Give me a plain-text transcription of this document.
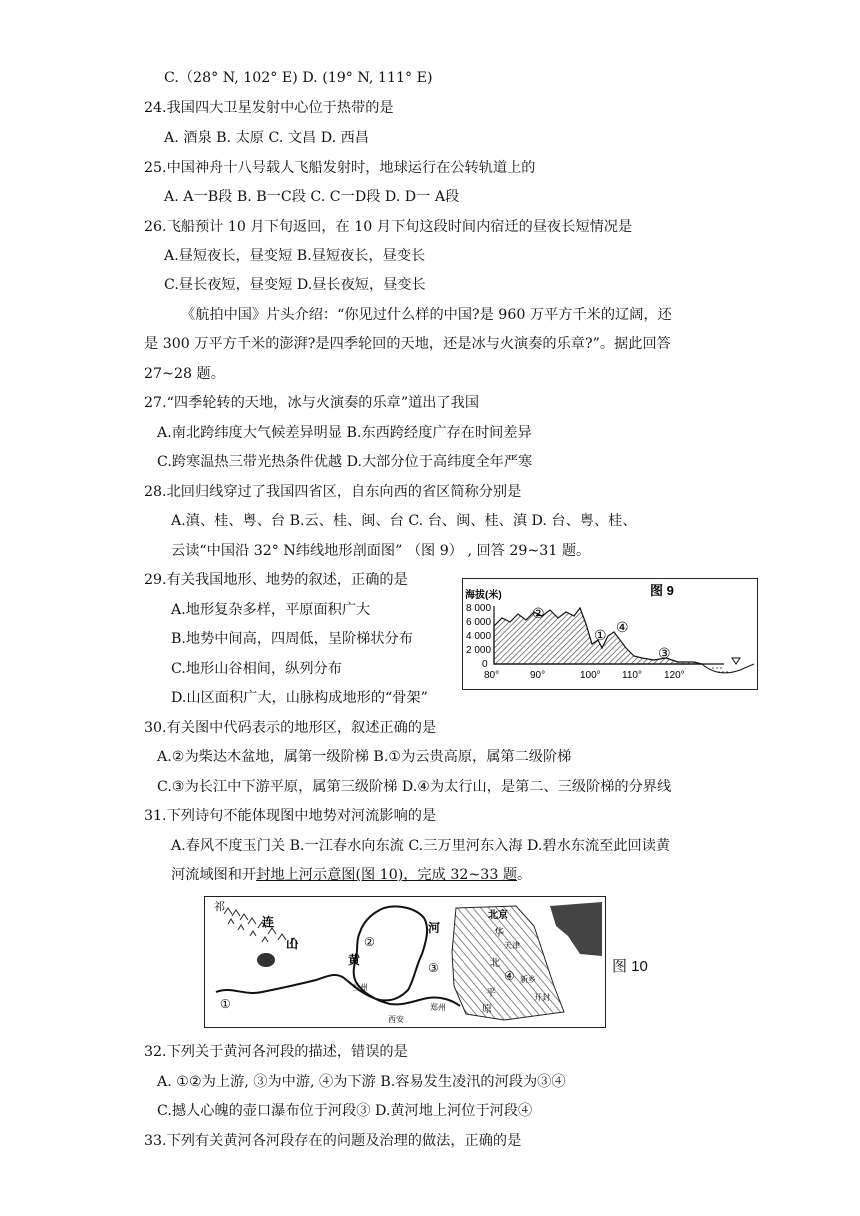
C.（28° N, 102° E) D. (19° N, 111° E)
24.我国四大卫星发射中心位于热带的是
A. 酒泉 B. 太原 C. 文昌 D. 西昌
25.中国神舟十八号载人飞船发射时，地球运行在公转轨道上的
A. A一B段 B. B一C段 C. C一D段 D. D一 A段
26.飞船预计 10 月下旬返回，在 10 月下旬这段时间内宿迁的昼夜长短情况是
A.昼短夜长，昼变短 B.昼短夜长，昼变长
C.昼长夜短，昼变短 D.昼长夜短，昼变长
《航拍中国》片头介绍：“你见过什么样的中国?是 960 万平方千米的辽阔，还
是 300 万平方千米的澎湃?是四季轮回的天地，还是冰与火演奏的乐章?”。据此回答
27~28 题。
27.“四季轮转的天地，冰与火演奏的乐章”道出了我国
A.南北跨纬度大气候差异明显 B.东西跨经度广存在时间差异
C.跨寒温热三带光热条件优越 D.大部分位于高纬度全年严寒
28.北回归线穿过了我国四省区，自东向西的省区简称分别是
A.滇、桂、粤、台 B.云、桂、闽、台 C. 台、闽、桂、滇 D. 台、粤、桂、
云读“中国沿 32° N纬线地形剖面图” （图 9） , 回答 29~31 题。
29.有关我国地形、地势的叙述，正确的是
A.地形复杂多样，平原面积广大
B.地势中间高，四周低，呈阶梯状分布
C.地形山谷相间，纵列分布
D.山区面积广大，山脉构成地形的“骨架”
30.有关图中代码表示的地形区，叙述正确的是
A.②为柴达木盆地，属第一级阶梯 B.①为云贵高原，属第二级阶梯
C.③为长江中下游平原，属第三级阶梯 D.④为太行山，是第二、三级阶梯的分界线
31.下列诗句不能体现图中地势对河流影响的是
A.春风不度玉门关 B.一江春水向东流 C.三万里河东入海 D.碧水东流至此回读黄
河流域图和开封地上河示意图(图 10)，完成 32~33 题。
32.下列关于黄河各河段的描述，错误的是
A. ①②为上游, ③为中游, ④为下游 B.容易发生凌汛的河段为③④
C.撼人心魄的壶口瀑布位于河段③ D.黄河地上河位于河段④
33.下列有关黄河各河段存在的问题及治理的做法，正确的是
海拔(米)	图 9
8 000
6 000
4 000
2 000
0
80°	90°	100° 110° 120°
②
① ④
③
祁
连
山
黄
河
兰州
西安
郑州
北京
天津
华
北
平
原
新乡
开封
①
②
③
④
图 10
